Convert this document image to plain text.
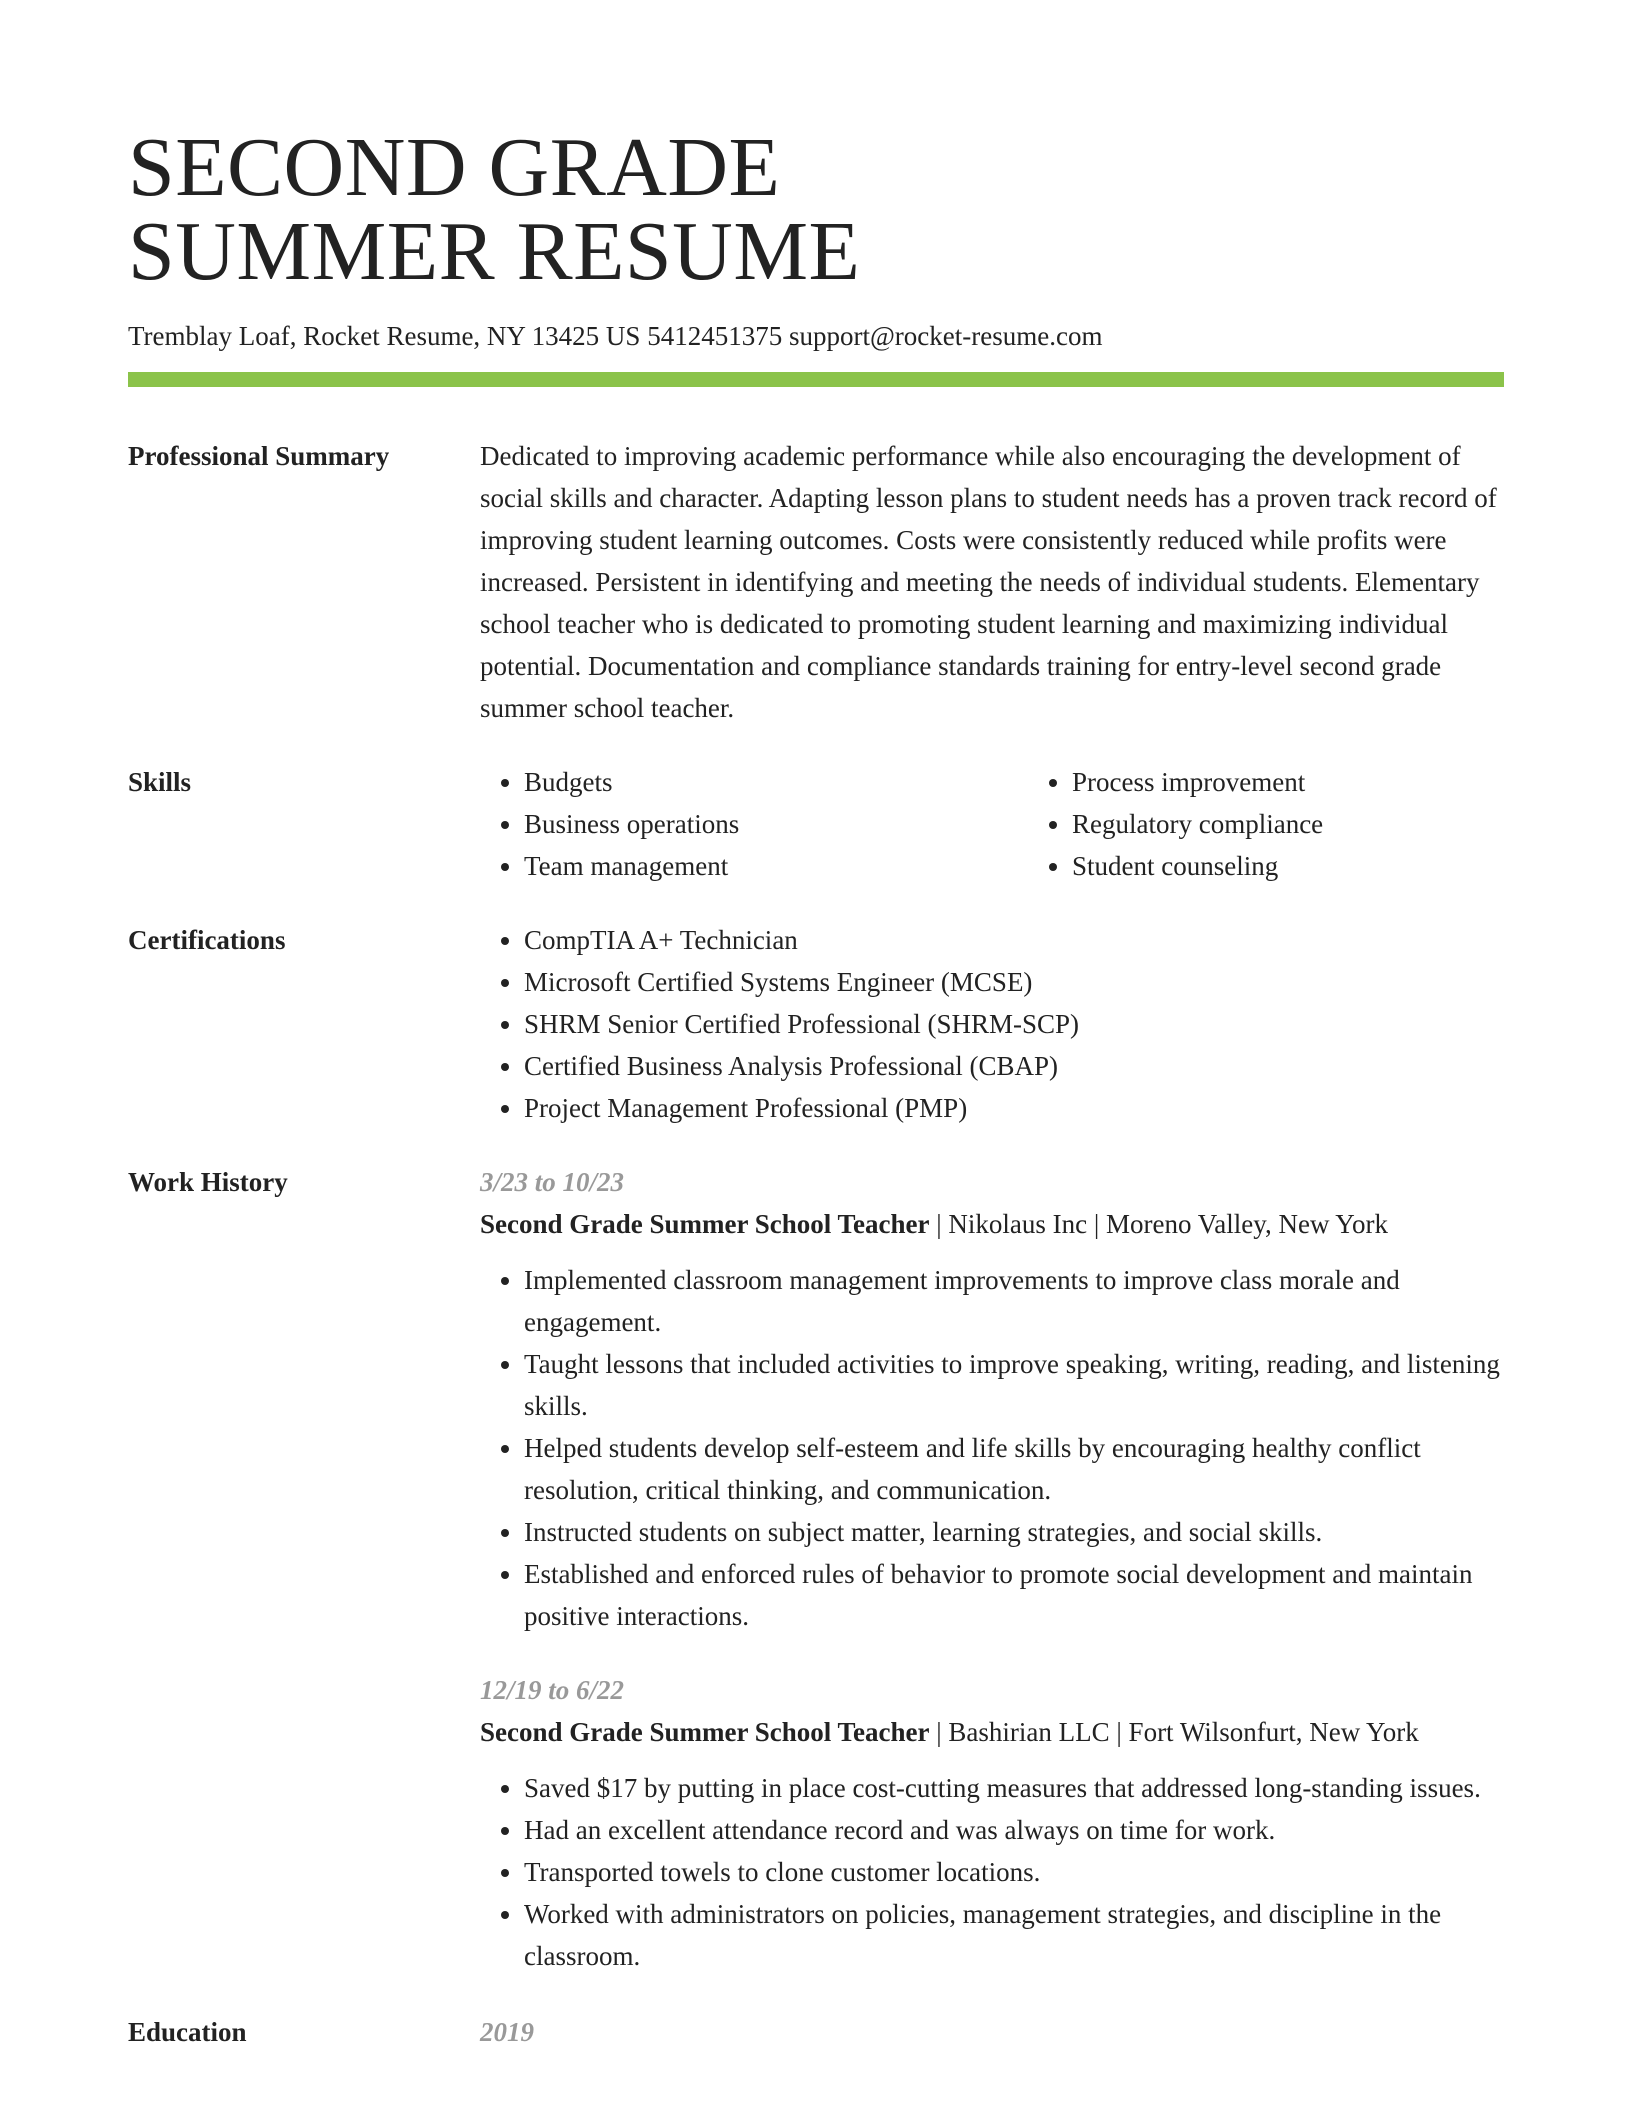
SECOND GRADE
SUMMER RESUME
Tremblay Loaf, Rocket Resume, NY 13425 US 5412451375 support@rocket-resume.com
Professional Summary	Dedicated to improving academic performance while also encouraging the development of social skills and character. Adapting lesson plans to student needs has a proven track record of improving student learning outcomes. Costs were consistently reduced while profits were increased. Persistent in identifying and meeting the needs of individual students. Elementary school teacher who is dedicated to promoting student learning and maximizing individual potential. Documentation and compliance standards training for entry-level second grade summer school teacher.
Skills	• Budgets
• Business operations
• Team management
• Process improvement
• Regulatory compliance
• Student counseling
Certifications	• CompTIA A+ Technician
• Microsoft Certified Systems Engineer (MCSE)
• SHRM Senior Certified Professional (SHRM-SCP)
• Certified Business Analysis Professional (CBAP)
• Project Management Professional (PMP)
Work History	3/23 to 10/23
Second Grade Summer School Teacher | Nikolaus Inc | Moreno Valley, New York
• Implemented classroom management improvements to improve class morale and engagement.
• Taught lessons that included activities to improve speaking, writing, reading, and listening skills.
• Helped students develop self-esteem and life skills by encouraging healthy conflict resolution, critical thinking, and communication.
• Instructed students on subject matter, learning strategies, and social skills.
• Established and enforced rules of behavior to promote social development and maintain positive interactions.
12/19 to 6/22
Second Grade Summer School Teacher | Bashirian LLC | Fort Wilsonfurt, New York
• Saved $17 by putting in place cost-cutting measures that addressed long-standing issues.
• Had an excellent attendance record and was always on time for work.
• Transported towels to clone customer locations.
• Worked with administrators on policies, management strategies, and discipline in the classroom.
Education	2019
